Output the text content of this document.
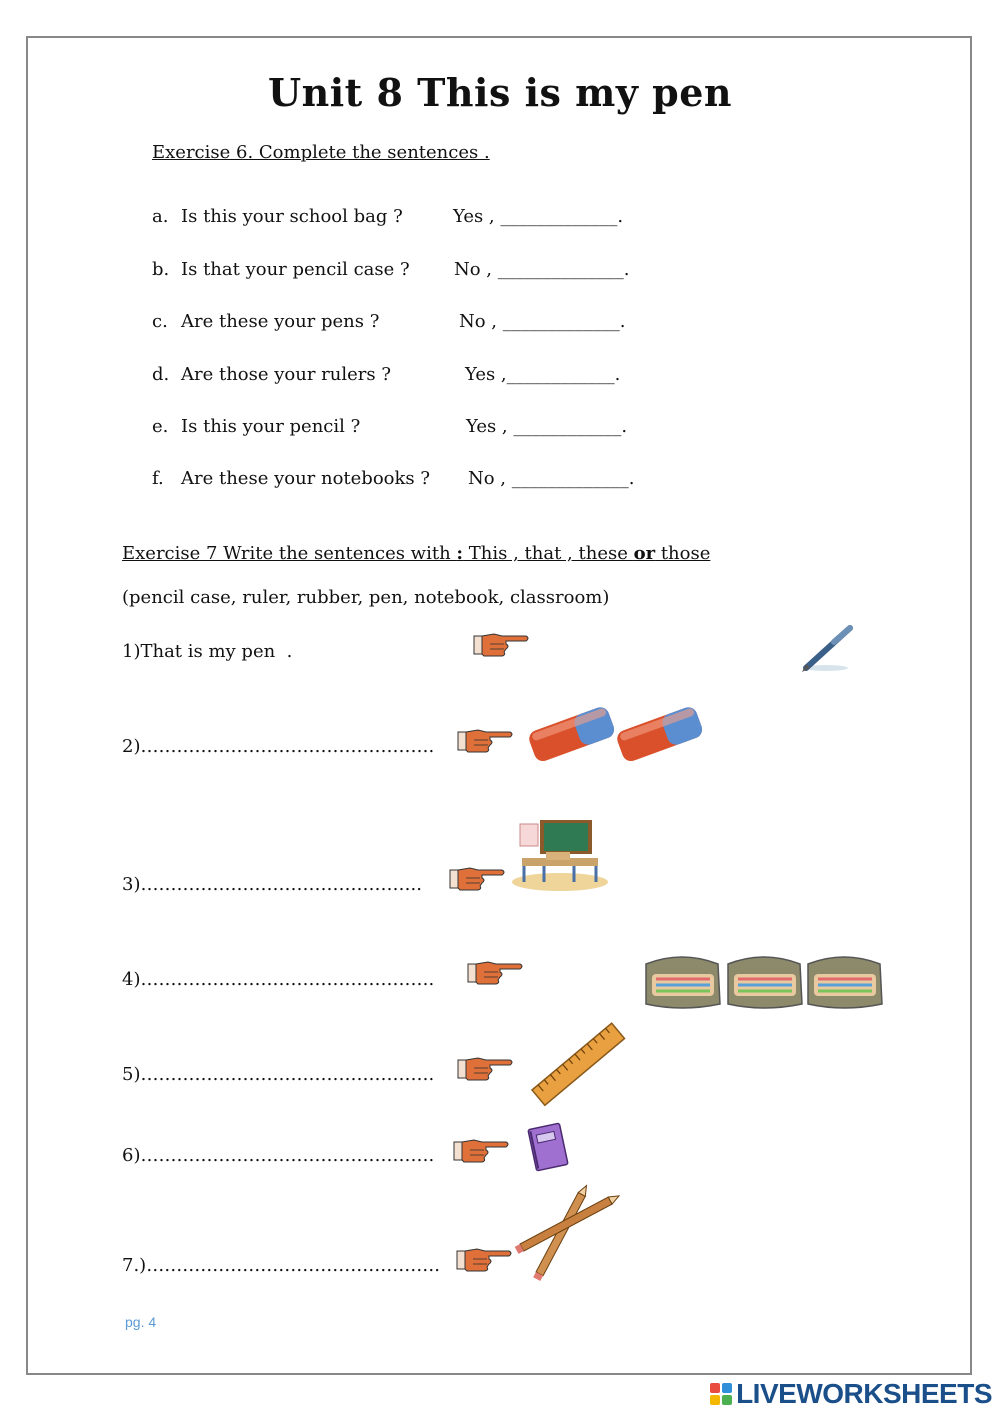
Unit 8 This is my pen
Exercise 6. Complete the sentences .
a. Is this your school bag ?	Yes , _____________.
b. Is that your pencil case ? No , ______________.
c. Are these your pens ?	No , _____________.
d. Are those your rulers ?	Yes ,____________.
e. Is this your pencil ?	Yes , ____________.
f. Are these your notebooks ? No , _____________.
Exercise 7 Write the sentences with : This , that , these or those
(pencil case, ruler, rubber, pen, notebook, classroom)
1)That is my pen  .
2)………………………………………….
3)………………………………………..
4)………………………………………….
5)………………………………………….
6)………………………………………….
7.)………………………………………….
pg. 4
LIVEWORKSHEETS
